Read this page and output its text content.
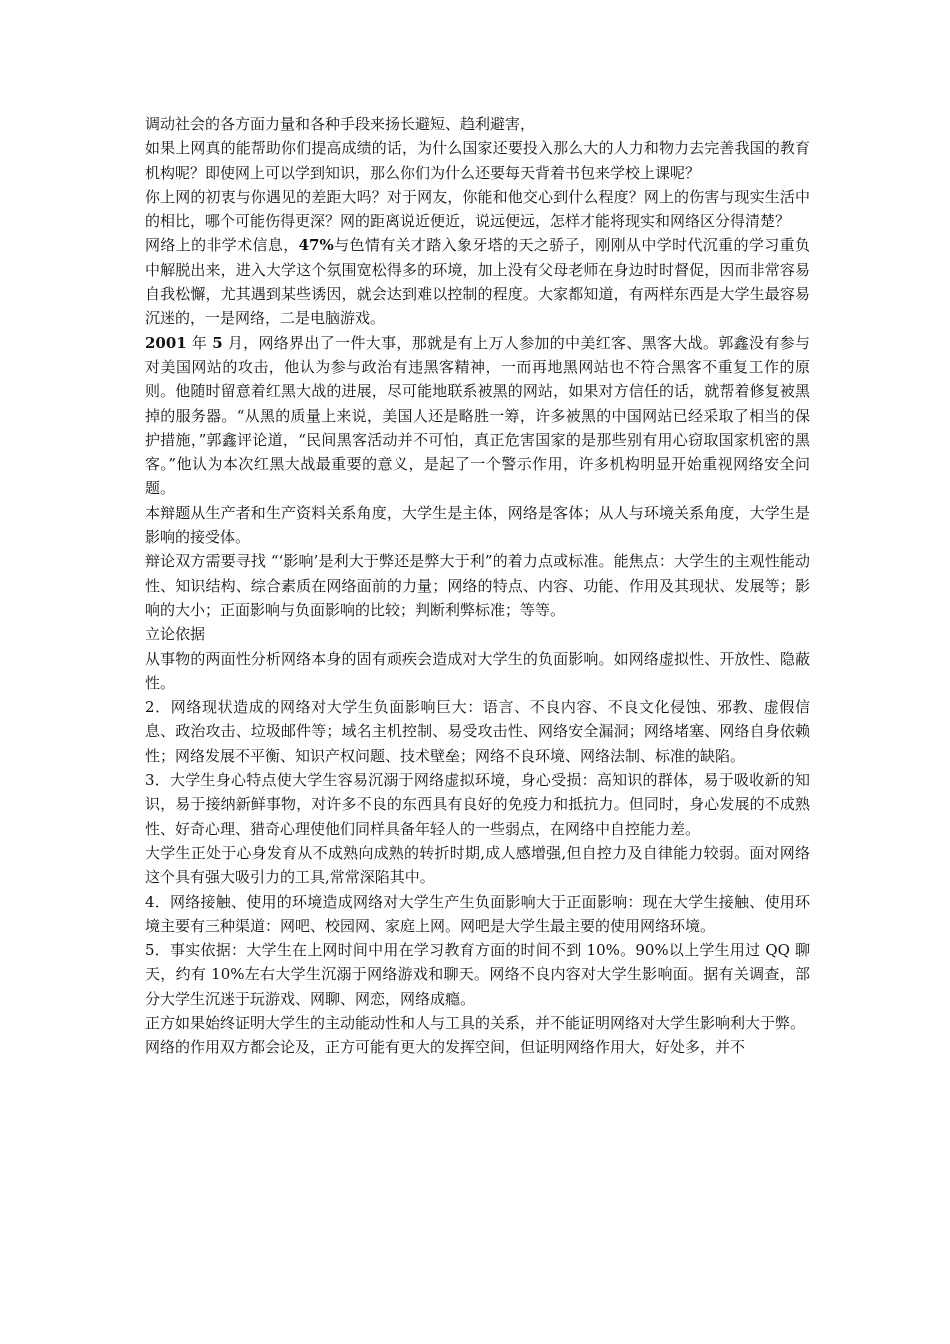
调动社会的各方面力量和各种手段来扬长避短、趋利避害，

如果上网真的能帮助你们提高成绩的话，为什么国家还要投入那么大的人力和物力去完善我国的教育机构呢？即使网上可以学到知识，那么你们为什么还要每天背着书包来学校上课呢？

你上网的初衷与你遇见的差距大吗？对于网友，你能和他交心到什么程度？网上的伤害与现实生活中的相比，哪个可能伤得更深？网的距离说近便近，说远便远，怎样才能将现实和网络区分得清楚？

网络上的非学术信息，47%与色情有关才踏入象牙塔的天之骄子，刚刚从中学时代沉重的学习重负中解脱出来，进入大学这个氛围宽松得多的环境，加上没有父母老师在身边时时督促，因而非常容易自我松懈，尤其遇到某些诱因，就会达到难以控制的程度。大家都知道，有两样东西是大学生最容易沉迷的，一是网络，二是电脑游戏。

2001 年 5 月，网络界出了一件大事，那就是有上万人参加的中美红客、黑客大战。郭鑫没有参与对美国网站的攻击，他认为参与政治有违黑客精神，一而再地黑网站也不符合黑客不重复工作的原则。他随时留意着红黑大战的进展，尽可能地联系被黑的网站，如果对方信任的话，就帮着修复被黑掉的服务器。“从黑的质量上来说，美国人还是略胜一筹，许多被黑的中国网站已经采取了相当的保护措施，”郭鑫评论道，“民间黑客活动并不可怕，真正危害国家的是那些别有用心窃取国家机密的黑客。”他认为本次红黑大战最重要的意义，是起了一个警示作用，许多机构明显开始重视网络安全问题。

本辩题从生产者和生产资料关系角度，大学生是主体，网络是客体；从人与环境关系角度，大学生是影响的接受体。

辩论双方需要寻找 “‘影响’是利大于弊还是弊大于利”的着力点或标准。能焦点：大学生的主观性能动性、知识结构、综合素质在网络面前的力量；网络的特点、内容、功能、作用及其现状、发展等；影响的大小；正面影响与负面影响的比较；判断利弊标准；等等。

立论依据

从事物的两面性分析网络本身的固有顽疾会造成对大学生的负面影响。如网络虚拟性、开放性、隐蔽性。

2．网络现状造成的网络对大学生负面影响巨大：语言、不良内容、不良文化侵蚀、邪教、虚假信息、政治攻击、垃圾邮件等；域名主机控制、易受攻击性、网络安全漏洞；网络堵塞、网络自身依赖性；网络发展不平衡、知识产权问题、技术壁垒；网络不良环境、网络法制、标准的缺陷。

3．大学生身心特点使大学生容易沉溺于网络虚拟环境，身心受损：高知识的群体，易于吸收新的知识，易于接纳新鲜事物，对许多不良的东西具有良好的免疫力和抵抗力。但同时，身心发展的不成熟性、好奇心理、猎奇心理使他们同样具备年轻人的一些弱点，在网络中自控能力差。

大学生正处于心身发育从不成熟向成熟的转折时期,成人感增强,但自控力及自律能力较弱。面对网络这个具有强大吸引力的工具,常常深陷其中。

4．网络接触、使用的环境造成网络对大学生产生负面影响大于正面影响：现在大学生接触、使用环境主要有三种渠道：网吧、校园网、家庭上网。网吧是大学生最主要的使用网络环境。

5．事实依据：大学生在上网时间中用在学习教育方面的时间不到 10%。90%以上学生用过 QQ 聊天，约有 10%左右大学生沉溺于网络游戏和聊天。网络不良内容对大学生影响面。据有关调查，部分大学生沉迷于玩游戏、网聊、网恋，网络成瘾。

正方如果始终证明大学生的主动能动性和人与工具的关系，并不能证明网络对大学生影响利大于弊。

网络的作用双方都会论及，正方可能有更大的发挥空间，但证明网络作用大，好处多，并不
